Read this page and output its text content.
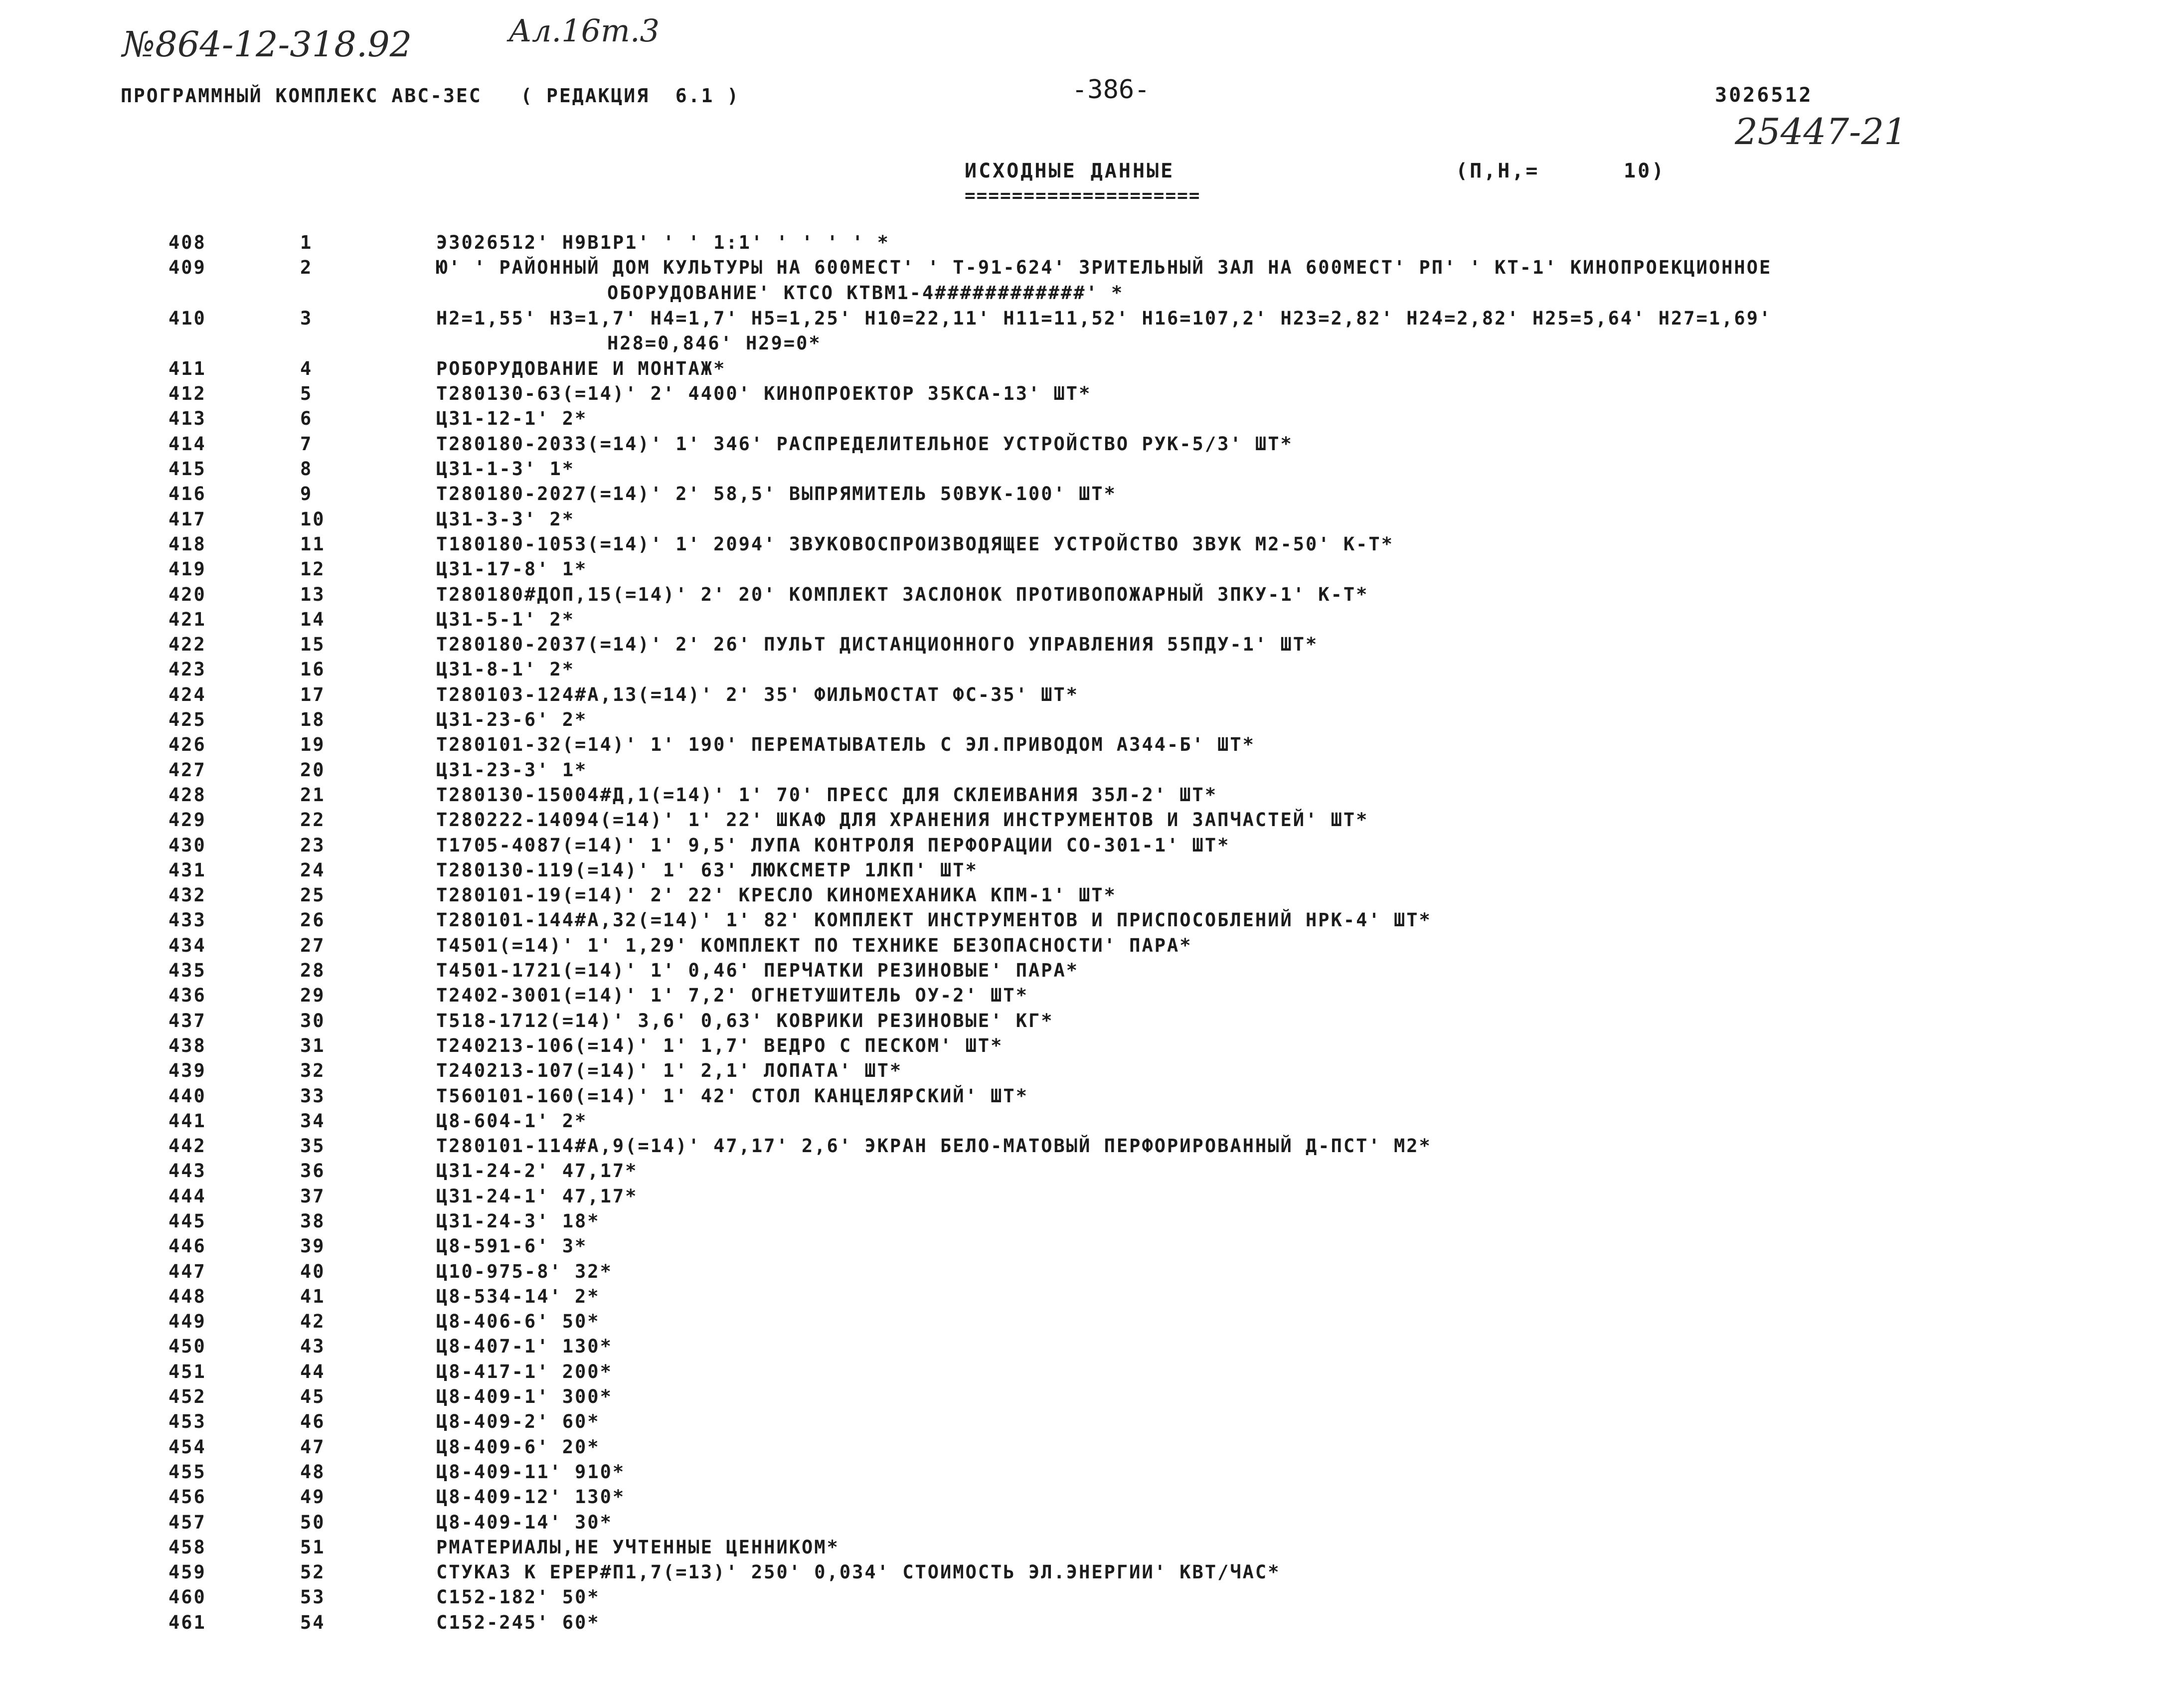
№864-12-318.92	Ал.16т.3
25447-21
ПРОГРАММНЫЙ КОМПЛЕКС АВС-3ЕС   ( РЕДАКЦИЯ  6.1 )	-386-	3026512
ИСХОДНЫЕ ДАННЫЕ	(П,Н,=      10)
====================
408	1	Э3026512' Н9В1Р1' ' ' 1:1' ' ' ' ' *
409	2	Ю' ' РАЙОННЫЙ ДОМ КУЛЬТУРЫ НА 600МЕСТ' ' Т-91-624' ЗРИТЕЛЬНЫЙ ЗАЛ НА 600МЕСТ' РП' ' КТ-1' КИНОПРОЕКЦИОННОЕ
ОБОРУДОВАНИЕ' КТСО КТВМ1-4############' *
410	3	Н2=1,55' Н3=1,7' Н4=1,7' Н5=1,25' Н10=22,11' Н11=11,52' Н16=107,2' Н23=2,82' Н24=2,82' Н25=5,64' Н27=1,69'
Н28=0,846' Н29=0*
411	4	РОБОРУДОВАНИЕ И МОНТАЖ*
412	5	Т280130-63(=14)' 2' 4400' КИНОПРОЕКТОР 35КСА-13' ШТ*
413	6	Ц31-12-1' 2*
414	7	Т280180-2033(=14)' 1' 346' РАСПРЕДЕЛИТЕЛЬНОЕ УСТРОЙСТВО РУК-5/3' ШТ*
415	8	Ц31-1-3' 1*
416	9	Т280180-2027(=14)' 2' 58,5' ВЫПРЯМИТЕЛЬ 50ВУК-100' ШТ*
417	10	Ц31-3-3' 2*
418	11	Т180180-1053(=14)' 1' 2094' ЗВУКОВОСПРОИЗВОДЯЩЕЕ УСТРОЙСТВО ЗВУК М2-50' К-Т*
419	12	Ц31-17-8' 1*
420	13	Т280180#ДОП,15(=14)' 2' 20' КОМПЛЕКТ ЗАСЛОНОК ПРОТИВОПОЖАРНЫЙ ЗПКУ-1' К-Т*
421	14	Ц31-5-1' 2*
422	15	Т280180-2037(=14)' 2' 26' ПУЛЬТ ДИСТАНЦИОННОГО УПРАВЛЕНИЯ 55ПДУ-1' ШТ*
423	16	Ц31-8-1' 2*
424	17	Т280103-124#А,13(=14)' 2' 35' ФИЛЬМОСТАТ ФС-35' ШТ*
425	18	Ц31-23-6' 2*
426	19	Т280101-32(=14)' 1' 190' ПЕРЕМАТЫВАТЕЛЬ С ЭЛ.ПРИВОДОМ А344-Б' ШТ*
427	20	Ц31-23-3' 1*
428	21	Т280130-15004#Д,1(=14)' 1' 70' ПРЕСС ДЛЯ СКЛЕИВАНИЯ 35Л-2' ШТ*
429	22	Т280222-14094(=14)' 1' 22' ШКАФ ДЛЯ ХРАНЕНИЯ ИНСТРУМЕНТОВ И ЗАПЧАСТЕЙ' ШТ*
430	23	Т1705-4087(=14)' 1' 9,5' ЛУПА КОНТРОЛЯ ПЕРФОРАЦИИ СО-301-1' ШТ*
431	24	Т280130-119(=14)' 1' 63' ЛЮКСМЕТР 1ЛКП' ШТ*
432	25	Т280101-19(=14)' 2' 22' КРЕСЛО КИНОМЕХАНИКА КПМ-1' ШТ*
433	26	Т280101-144#А,32(=14)' 1' 82' КОМПЛЕКТ ИНСТРУМЕНТОВ И ПРИСПОСОБЛЕНИЙ НРК-4' ШТ*
434	27	Т4501(=14)' 1' 1,29' КОМПЛЕКТ ПО ТЕХНИКЕ БЕЗОПАСНОСТИ' ПАРА*
435	28	Т4501-1721(=14)' 1' 0,46' ПЕРЧАТКИ РЕЗИНОВЫЕ' ПАРА*
436	29	Т2402-3001(=14)' 1' 7,2' ОГНЕТУШИТЕЛЬ ОУ-2' ШТ*
437	30	Т518-1712(=14)' 3,6' 0,63' КОВРИКИ РЕЗИНОВЫЕ' КГ*
438	31	Т240213-106(=14)' 1' 1,7' ВЕДРО С ПЕСКОМ' ШТ*
439	32	Т240213-107(=14)' 1' 2,1' ЛОПАТА' ШТ*
440	33	Т560101-160(=14)' 1' 42' СТОЛ КАНЦЕЛЯРСКИЙ' ШТ*
441	34	Ц8-604-1' 2*
442	35	Т280101-114#А,9(=14)' 47,17' 2,6' ЭКРАН БЕЛО-МАТОВЫЙ ПЕРФОРИРОВАННЫЙ Д-ПСТ' М2*
443	36	Ц31-24-2' 47,17*
444	37	Ц31-24-1' 47,17*
445	38	Ц31-24-3' 18*
446	39	Ц8-591-6' 3*
447	40	Ц10-975-8' 32*
448	41	Ц8-534-14' 2*
449	42	Ц8-406-6' 50*
450	43	Ц8-407-1' 130*
451	44	Ц8-417-1' 200*
452	45	Ц8-409-1' 300*
453	46	Ц8-409-2' 60*
454	47	Ц8-409-6' 20*
455	48	Ц8-409-11' 910*
456	49	Ц8-409-12' 130*
457	50	Ц8-409-14' 30*
458	51	РМАТЕРИАЛЫ,НЕ УЧТЕННЫЕ ЦЕННИКОМ*
459	52	СТУКАЗ К ЕРЕР#П1,7(=13)' 250' 0,034' СТОИМОСТЬ ЭЛ.ЭНЕРГИИ' КВТ/ЧАС*
460	53	С152-182' 50*
461	54	С152-245' 60*
